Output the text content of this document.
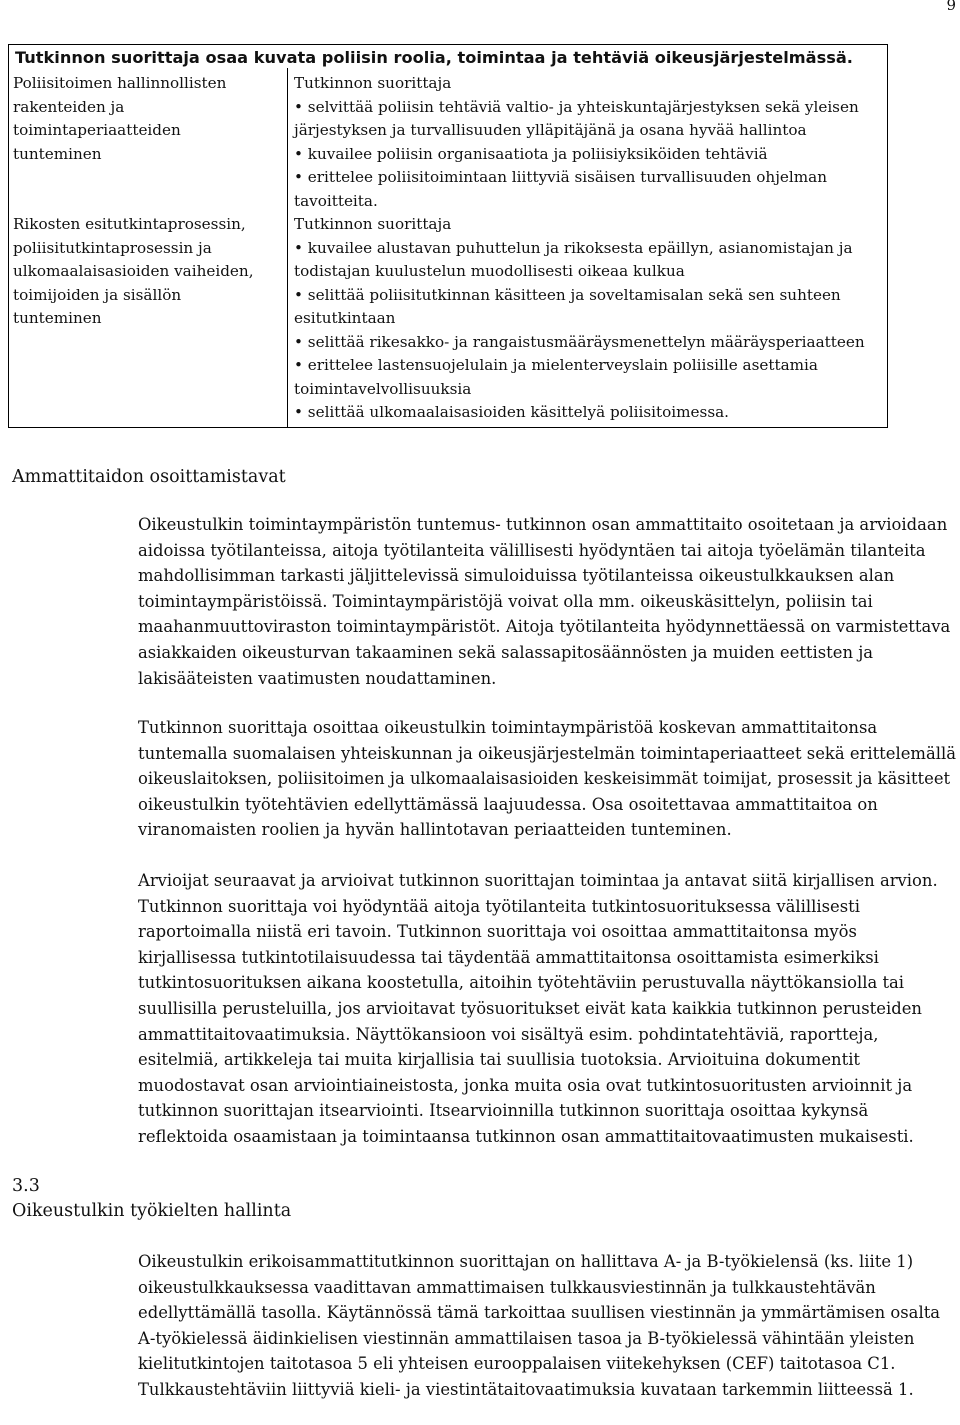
9
Tutkinnon suorittaja osaa kuvata poliisin roolia, toimintaa ja tehtäviä oikeusjärjestelmässä.
Poliisitoimen hallinnollisten
rakenteiden ja
toimintaperiaatteiden
tunteminen
Tutkinnon suorittaja
• selvittää poliisin tehtäviä valtio- ja yhteiskuntajärjestyksen sekä yleisen järjestyksen ja turvallisuuden ylläpitäjänä ja osana hyvää hallintoa
• kuvailee poliisin organisaatiota ja poliisiyksiköiden tehtäviä
• erittelee poliisitoimintaan liittyviä sisäisen turvallisuuden ohjelman tavoitteita.
Rikosten esitutkintaprosessin,
poliisitutkintaprosessin ja
ulkomaalaisasioiden vaiheiden,
toimijoiden ja sisällön
tunteminen
Tutkinnon suorittaja
• kuvailee alustavan puhuttelun ja rikoksesta epäillyn, asianomistajan ja todistajan kuulustelun muodollisesti oikeaa kulkua
• selittää poliisitutkinnan käsitteen ja soveltamisalan sekä sen suhteen esitutkintaan
• selittää rikesakko- ja rangaistusmääräysmenettelyn määräysperiaatteen
• erittelee lastensuojelulain ja mielenterveyslain poliisille asettamia toimintavelvollisuuksia
• selittää ulkomaalaisasioiden käsittelyä poliisitoimessa.
Ammattitaidon osoittamistavat

Oikeustulkin toimintaympäristön tuntemus- tutkinnon osan ammattitaito osoitetaan ja arvioidaan aidoissa työtilanteissa, aitoja työtilanteita välillisesti hyödyntäen tai aitoja työelämän tilanteita mahdollisimman tarkasti jäljittelevissä simuloiduissa työtilanteissa oikeustulkkauksen alan toimintaympäristöissä. Toimintaympäristöjä voivat olla mm. oikeuskäsittelyn, poliisin tai maahanmuuttoviraston toimintaympäristöt. Aitoja työtilanteita hyödynnettäessä on varmistettava asiakkaiden oikeusturvan takaaminen sekä salassapitosäännösten ja muiden eettisten ja lakisääteisten vaatimusten noudattaminen.

Tutkinnon suorittaja osoittaa oikeustulkin toimintaympäristöä koskevan ammattitaitonsa tuntemalla suomalaisen yhteiskunnan ja oikeusjärjestelmän toimintaperiaatteet sekä erittelemällä oikeuslaitoksen, poliisitoimen ja ulkomaalaisasioiden keskeisimmät toimijat, prosessit ja käsitteet oikeustulkin työtehtävien edellyttämässä laajuudessa. Osa osoitettavaa ammattitaitoa on viranomaisten roolien ja hyvän hallintotavan periaatteiden tunteminen.

Arvioijat seuraavat ja arvioivat tutkinnon suorittajan toimintaa ja antavat siitä kirjallisen arvion. Tutkinnon suorittaja voi hyödyntää aitoja työtilanteita tutkintosuorituksessa välillisesti raportoimalla niistä eri tavoin. Tutkinnon suorittaja voi osoittaa ammattitaitonsa myös kirjallisessa tutkintotilaisuudessa tai täydentää ammattitaitonsa osoittamista esimerkiksi tutkintosuorituksen aikana koostetulla, aitoihin työtehtäviin perustuvalla näyttökansiolla tai suullisilla perusteluilla, jos arvioitavat työsuoritukset eivät kata kaikkia tutkinnon perusteiden ammattitaitovaatimuksia. Näyttökansioon voi sisältyä esim. pohdintatehtäviä, raportteja, esitelmiä, artikkeleja tai muita kirjallisia tai suullisia tuotoksia. Arvioituina dokumentit muodostavat osan arviointiaineistosta, jonka muita osia ovat tutkintosuoritusten arvioinnit ja tutkinnon suorittajan itsearviointi. Itsearvioinnilla tutkinnon suorittaja osoittaa kykynsä reflektoida osaamistaan ja toimintaansa tutkinnon osan ammattitaitovaatimusten mukaisesti.

3.3
Oikeustulkin työkielten hallinta

Oikeustulkin erikoisammattitutkinnon suorittajan on hallittava A- ja B-työkielensä (ks. liite 1) oikeustulkkauksessa vaadittavan ammattimaisen tulkkausviestinnän ja tulkkaustehtävän edellyttämällä tasolla. Käytännössä tämä tarkoittaa suullisen viestinnän ja ymmärtämisen osalta A-työkielessä äidinkielisen viestinnän ammattilaisen tasoa ja B-työkielessä vähintään yleisten kielitutkintojen taitotasoa 5 eli yhteisen eurooppalaisen viitekehyksen (CEF) taitotasoa C1. Tulkkaustehtäviin liittyviä kieli- ja viestintätaitovaatimuksia kuvataan tarkemmin liitteessä 1.
